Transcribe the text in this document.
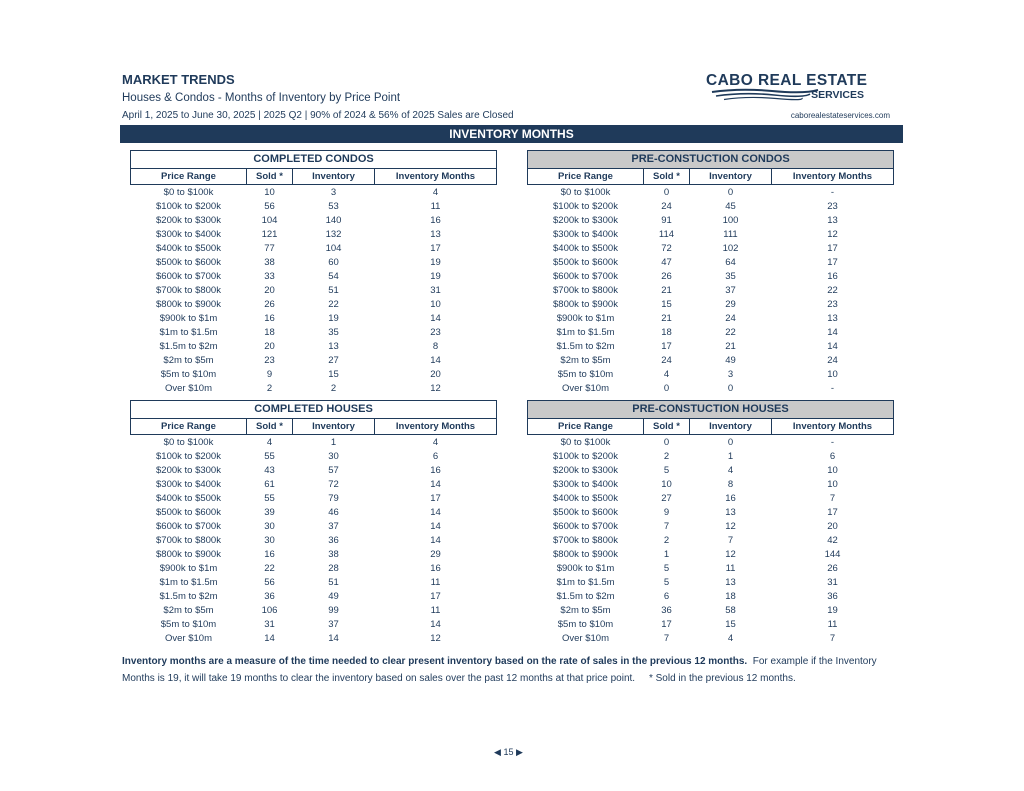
MARKET TRENDS
Houses & Condos - Months of Inventory by Price Point
April 1, 2025 to June 30, 2025 | 2025 Q2 | 90% of 2024 & 56% of 2025 Sales are Closed
CABO REAL ESTATE
SERVICES
caborealestateservices.com
INVENTORY MONTHS
COMPLETED CONDOS			
Price Range	Sold *	Inventory	Inventory Months
$0 to $100k	10	3	4
$100k to $200k	56	53	11
$200k to $300k	104	140	16
$300k to $400k	121	132	13
$400k to $500k	77	104	17
$500k to $600k	38	60	19
$600k to $700k	33	54	19
$700k to $800k	20	51	31
$800k to $900k	26	22	10
$900k to $1m	16	19	14
$1m to $1.5m	18	35	23
$1.5m to $2m	20	13	8
$2m to $5m	23	27	14
$5m to $10m	9	15	20
Over $10m	2	2	12
PRE-CONSTUCTION CONDOS			
Price Range	Sold *	Inventory	Inventory Months
$0 to $100k	0	0	-
$100k to $200k	24	45	23
$200k to $300k	91	100	13
$300k to $400k	114	111	12
$400k to $500k	72	102	17
$500k to $600k	47	64	17
$600k to $700k	26	35	16
$700k to $800k	21	37	22
$800k to $900k	15	29	23
$900k to $1m	21	24	13
$1m to $1.5m	18	22	14
$1.5m to $2m	17	21	14
$2m to $5m	24	49	24
$5m to $10m	4	3	10
Over $10m	0	0	-
COMPLETED HOUSES			
Price Range	Sold *	Inventory	Inventory Months
$0 to $100k	4	1	4
$100k to $200k	55	30	6
$200k to $300k	43	57	16
$300k to $400k	61	72	14
$400k to $500k	55	79	17
$500k to $600k	39	46	14
$600k to $700k	30	37	14
$700k to $800k	30	36	14
$800k to $900k	16	38	29
$900k to $1m	22	28	16
$1m to $1.5m	56	51	11
$1.5m to $2m	36	49	17
$2m to $5m	106	99	11
$5m to $10m	31	37	14
Over $10m	14	14	12
PRE-CONSTUCTION HOUSES			
Price Range	Sold *	Inventory	Inventory Months
$0 to $100k	0	0	-
$100k to $200k	2	1	6
$200k to $300k	5	4	10
$300k to $400k	10	8	10
$400k to $500k	27	16	7
$500k to $600k	9	13	17
$600k to $700k	7	12	20
$700k to $800k	2	7	42
$800k to $900k	1	12	144
$900k to $1m	5	11	26
$1m to $1.5m	5	13	31
$1.5m to $2m	6	18	36
$2m to $5m	36	58	19
$5m to $10m	17	15	11
Over $10m	7	4	7
Inventory months are a measure of the time needed to clear present inventory based on the rate of sales in the previous 12 months. For example if the Inventory Months is 19, it will take 19 months to clear the inventory based on sales over the past 12 months at that price point. * Sold in the previous 12 months.
◀ 15 ▶
